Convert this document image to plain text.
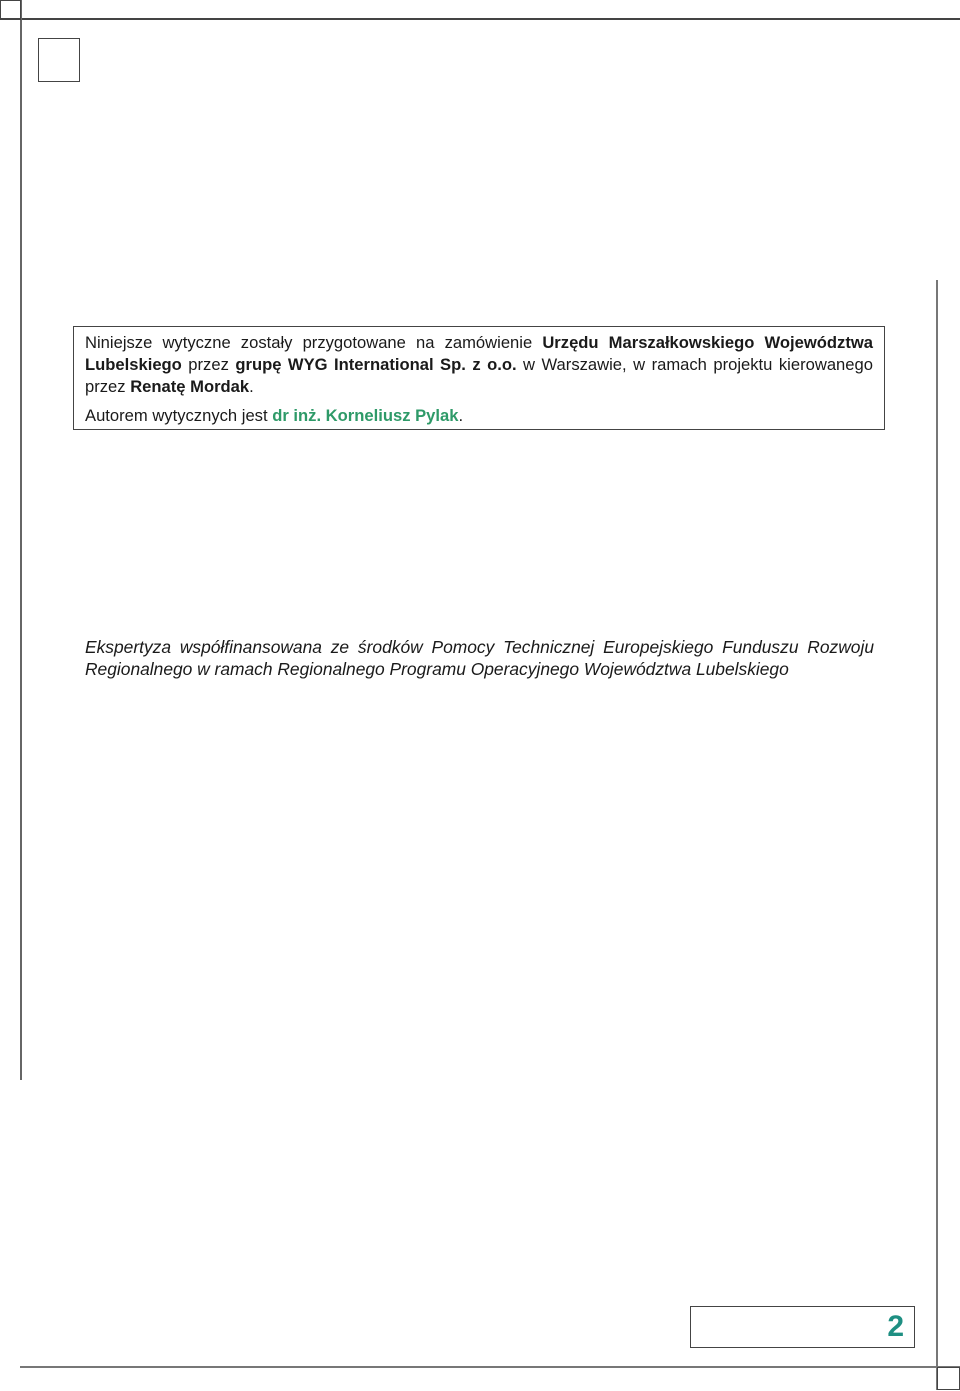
Niniejsze wytyczne zostały przygotowane na zamówienie Urzędu Marszałkowskiego Województwa Lubelskiego przez grupę WYG International Sp. z o.o. w Warszawie, w ramach projektu kierowanego przez Renatę Mordak.

Autorem wytycznych jest dr inż. Korneliusz Pylak.

Ekspertyza współfinansowana ze środków Pomocy Technicznej Europejskiego Funduszu Rozwoju Regionalnego w ramach Regionalnego Programu Operacyjnego Województwa Lubelskiego

2
